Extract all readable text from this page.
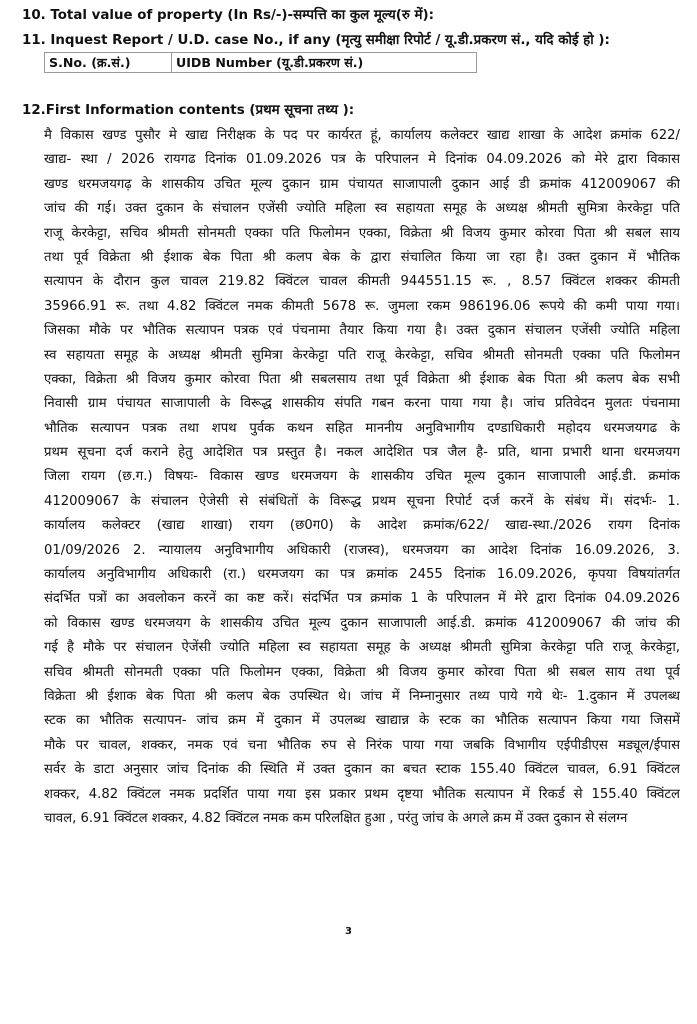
10. Total value of property (In Rs/-)-सम्पत्ति का कुल मूल्य(रु में):
11. Inquest Report / U.D. case No., if any (मृत्यु समीक्षा रिपोर्ट / यू.डी.प्रकरण सं., यदि कोई हो ):
S.No. (क्र.सं.)	UIDB Number (यू.डी.प्रकरण सं.)
12.First Information contents (प्रथम सूचना तथ्य ):
मै विकास खण्ड पुसौर मे खाद्य निरीक्षक के पद पर कार्यरत हूं, कार्यालय कलेक्टर खाद्य शाखा के आदेश क्रमांक 622/
खाद्य- स्था / 2026 रायगढ दिनांक 01.09.2026 पत्र के परिपालन मे दिनांक 04.09.2026 को मेरे द्वारा विकास
खण्ड धरमजयगढ़ के शासकीय उचित मूल्य दुकान ग्राम पंचायत साजापाली दुकान आई डी क्रमांक 412009067 की
जांच की गई। उक्त दुकान के संचालन एजेंसी ज्योति महिला स्व सहायता समूह के अध्यक्ष श्रीमती सुमित्रा केरकेट्टा पति
राजू केरकेट्टा, सचिव श्रीमती सोनमती एक्का पति फिलोमन एक्का, विक्रेता श्री विजय कुमार कोरवा पिता श्री सबल साय
तथा पूर्व विक्रेता श्री ईशाक बेक पिता श्री कलप बेक के द्वारा संचालित किया जा रहा है। उक्त दुकान में भौतिक
सत्यापन के दौरान कुल चावल 219.82 क्विंटल चावल कीमती 944551.15 रू. , 8.57 क्विंटल शक्कर कीमती
35966.91 रू. तथा 4.82 क्विंटल नमक कीमती 5678 रू. जुमला रकम 986196.06 रूपये की कमी पाया गया।
जिसका मौके पर भौतिक सत्यापन पत्रक एवं पंचनामा तैयार किया गया है। उक्त दुकान संचालन एजेंसी ज्योति महिला
स्व सहायता समूह के अध्यक्ष श्रीमती सुमित्रा केरकेट्टा पति राजू केरकेट्टा, सचिव श्रीमती सोनमती एक्का पति फिलोमन
एक्का, विक्रेता श्री विजय कुमार कोरवा पिता श्री सबलसाय तथा पूर्व विक्रेता श्री ईशाक बेक पिता श्री कलप बेक सभी
निवासी ग्राम पंचायत साजापाली के विरूद्ध शासकीय संपति गबन करना पाया गया है। जांच प्रतिवेदन मुलतः पंचनामा
भौतिक सत्यापन पत्रक तथा शपथ पुर्वक कथन सहित माननीय अनुविभागीय दण्डाधिकारी महोदय धरमजयगढ के
प्रथम सूचना दर्ज कराने हेतु आदेशित पत्र प्रस्तुत है। नकल आदेशित पत्र जैल है- प्रति, थाना प्रभारी थाना धरमजयग
जिला रायग (छ.ग.) विषयः- विकास खण्ड धरमजयग के शासकीय उचित मूल्य दुकान साजापाली आई.डी. क्रमांक
412009067 के संचालन ऐजेसी से संबंधितों के विरूद्ध प्रथम सूचना रिपोर्ट दर्ज करनें के संबंध में। संदर्भः- 1.
कार्यालय कलेक्टर (खाद्य शाखा) रायग (छ0ग0) के आदेश क्रमांक/622/ खाद्य-स्था./2026 रायग दिनांक
01/09/2026 2. न्यायालय अनुविभागीय अधिकारी (राजस्व), धरमजयग का आदेश दिनांक 16.09.2026, 3.
कार्यालय अनुविभागीय अधिकारी (रा.) धरमजयग का पत्र क्रमांक 2455 दिनांक 16.09.2026, कृपया विषयांतर्गत
संदर्भित पत्रों का अवलोकन करनें का कष्ट करें। संदर्भित पत्र क्रमांक 1 के परिपालन में मेरे द्वारा दिनांक 04.09.2026
को विकास खण्ड धरमजयग के शासकीय उचित मूल्य दुकान साजापाली आई.डी. क्रमांक 412009067 की जांच की
गई है मौके पर संचालन ऐजेंसी ज्योति महिला स्व सहायता समूह के अध्यक्ष श्रीमती सुमित्रा केरकेट्टा पति राजू केरकेट्टा,
सचिव श्रीमती सोनमती एक्का पति फिलोमन एक्का, विक्रेता श्री विजय कुमार कोरवा पिता श्री सबल साय तथा पूर्व
विक्रेता श्री ईशाक बेक पिता श्री कलप बेक उपस्थित थे। जांच में निम्नानुसार तथ्य पाये गये थेः- 1.दुकान में उपलब्ध
स्टक का भौतिक सत्यापन- जांच क्रम में दुकान में उपलब्ध खाद्यान्न के स्टक का भौतिक सत्यापन किया गया जिसमें
मौके पर चावल, शक्कर, नमक एवं चना भौतिक रुप से निरंक पाया गया जबकि विभागीय एईपीडीएस मड्यूल/ईपास
सर्वर के डाटा अनुसार जांच दिनांक की स्थिति में उक्त दुकान का बचत स्टाक 155.40 क्विंटल चावल, 6.91 क्विंटल
शक्कर, 4.82 क्विंटल नमक प्रदर्शित पाया गया इस प्रकार प्रथम दृष्टया भौतिक सत्यापन में रिकर्ड से 155.40 क्विंटल
चावल, 6.91 क्विंटल शक्कर, 4.82 क्विंटल नमक कम परिलक्षित हुआ , परंतु जांच के अगले क्रम में उक्त दुकान से संलग्न
3
